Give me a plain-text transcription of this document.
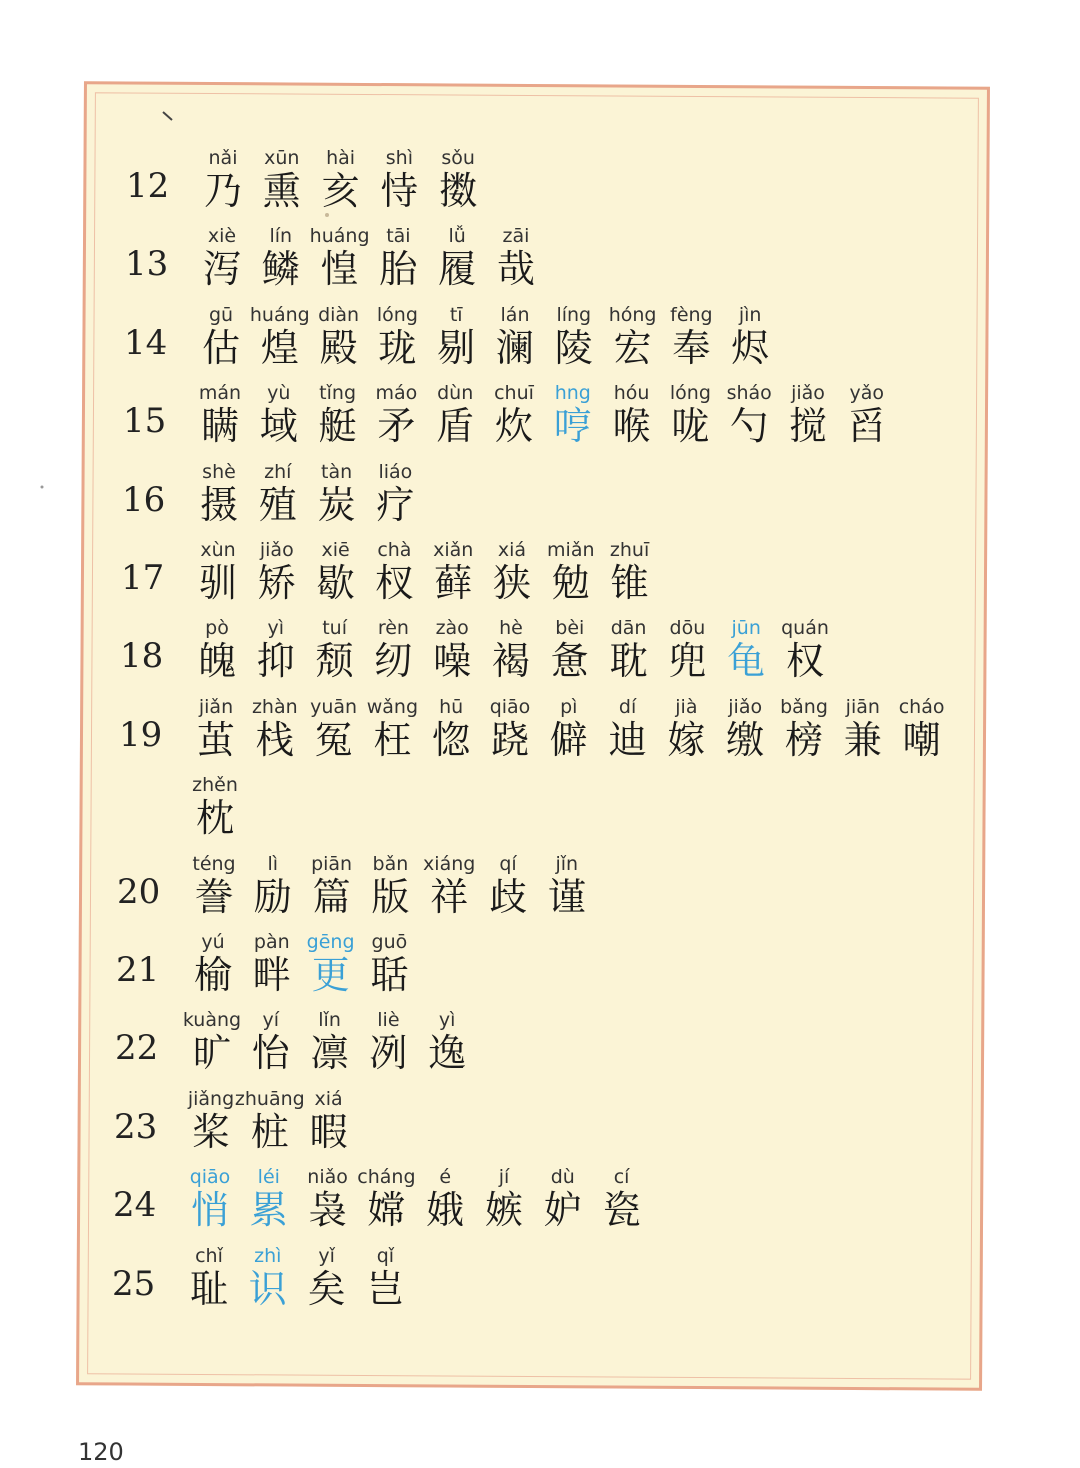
12
nǎi
乃
xūn
熏
hài
亥
shì
恃
sǒu
擞
13
xiè
泻
lín
鳞
huáng
惶
tāi
胎
lǚ
履
zāi
哉
14
gū
估
huáng
煌
diàn
殿
lóng
珑
tī
剔
lán
澜
líng
陵
hóng
宏
fèng
奉
jìn
烬
15
mán
瞒
yù
域
tǐng
艇
máo
矛
dùn
盾
chuī
炊
hng
哼
hóu
喉
lóng
咙
sháo
勺
jiǎo
搅
yǎo
舀
16
shè
摄
zhí
殖
tàn
炭
liáo
疗
17
xùn
驯
jiǎo
矫
xiē
歇
chà
杈
xiǎn
藓
xiá
狭
miǎn
勉
zhuī
锥
18
pò
魄
yì
抑
tuí
颓
rèn
纫
zào
噪
hè
褐
bèi
惫
dān
耽
dōu
兜
jūn
龟
quán
权
19
jiǎn
茧
zhàn
栈
yuān
冤
wǎng
枉
hū
惚
qiāo
跷
pì
僻
dí
迪
jià
嫁
jiǎo
缴
bǎng
榜
jiān
兼
cháo
嘲
zhěn
枕
20
téng
誊
lì
励
piān
篇
bǎn
版
xiáng
祥
qí
歧
jǐn
谨
21
yú
榆
pàn
畔
gēng
更
guō
聒
22
kuàng
旷
yí
怡
lǐn
凛
liè
冽
yì
逸
23
jiǎng
桨
zhuāng
桩
xiá
暇
24
qiāo
悄
léi
累
niǎo
袅
cháng
嫦
é
娥
jí
嫉
dù
妒
cí
瓷
25
chǐ
耻
zhì
识
yǐ
矣
qǐ
岂
120
